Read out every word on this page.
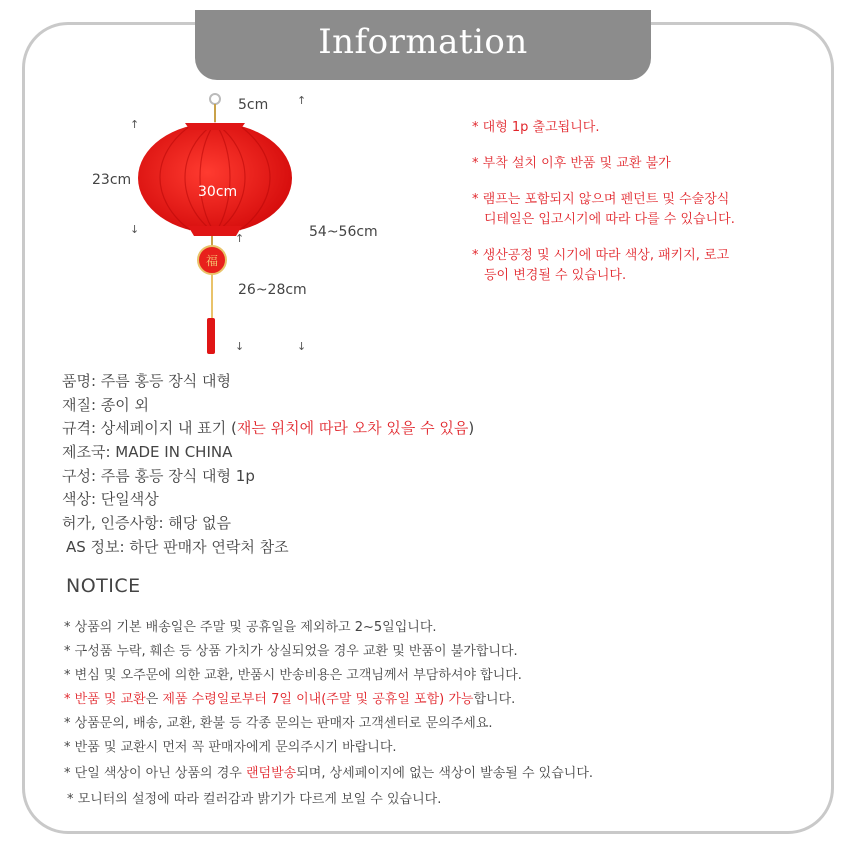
Information
福
5cm
23cm
30cm
54~56cm
26~28cm
↑
↑
↓
↑
↓	↓
* 대형 1p 출고됩니다.
* 부착 설치 이후 반품 및 교환 불가
* 램프는 포함되지 않으며 펜던트 및 수술장식
디테일은 입고시기에 따라 다를 수 있습니다.
* 생산공정 및 시기에 따라 색상, 패키지, 로고
등이 변경될 수 있습니다.
품명: 주름 홍등 장식 대형
재질: 종이 외
규격: 상세페이지 내 표기 (재는 위치에 따라 오차 있을 수 있음)
제조국: MADE IN CHINA
구성: 주름 홍등 장식 대형 1p
색상: 단일색상
허가, 인증사항: 해당 없음
AS 정보: 하단 판매자 연락처 참조
NOTICE
* 상품의 기본 배송일은 주말 및 공휴일을 제외하고 2~5일입니다.
* 구성품 누락, 훼손 등 상품 가치가 상실되었을 경우 교환 및 반품이 불가합니다.
* 변심 및 오주문에 의한 교환, 반품시 반송비용은 고객님께서 부담하셔야 합니다.
* 반품 및 교환은 제품 수령일로부터 7일 이내(주말 및 공휴일 포함) 가능합니다.
* 상품문의, 배송, 교환, 환불 등 각종 문의는 판매자 고객센터로 문의주세요.
* 반품 및 교환시 먼저 꼭 판매자에게 문의주시기 바랍니다.
* 단일 색상이 아닌 상품의 경우 랜덤발송되며, 상세페이지에 없는 색상이 발송될 수 있습니다.
* 모니터의 설정에 따라 컬러감과 밝기가 다르게 보일 수 있습니다.
